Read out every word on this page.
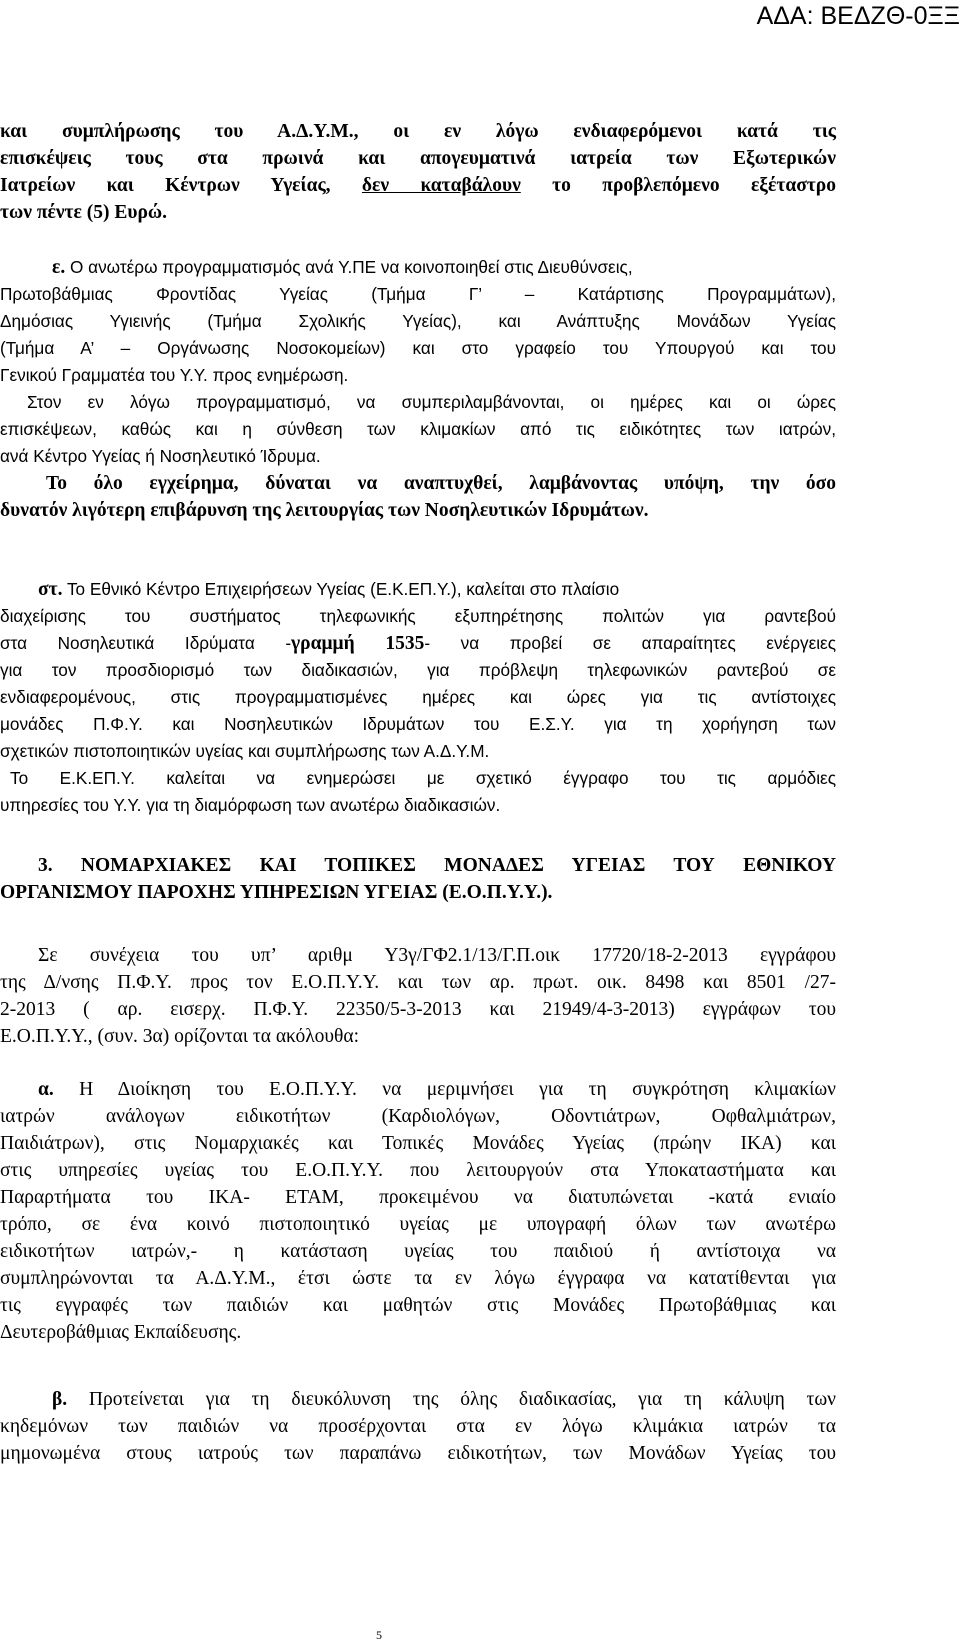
ΑΔΑ: ΒΕΔΖΘ-0ΞΞ
και συμπλήρωσης του Α.Δ.Υ.Μ., οι εν λόγω ενδιαφερόμενοι κατά τις
επισκέψεις τους στα πρωινά και απογευματινά ιατρεία των Εξωτερικών
Ιατρείων και Κέντρων Υγείας, δεν καταβάλουν το προβλεπόμενο εξέταστρο
των πέντε (5) Ευρώ.
ε. Ο ανωτέρω προγραμματισμός ανά Υ.ΠΕ να κοινοποιηθεί στις Διευθύνσεις,
Πρωτοβάθμιας Φροντίδας Υγείας (Τμήμα Γ’ – Κατάρτισης Προγραμμάτων),
Δημόσιας Υγιεινής (Τμήμα Σχολικής Υγείας), και Ανάπτυξης Μονάδων Υγείας
(Τμήμα Α’ – Οργάνωσης Νοσοκομείων) και στο γραφείο του Υπουργού και του
Γενικού Γραμματέα του Υ.Υ. προς ενημέρωση.
Στον εν λόγω προγραμματισμό, να συμπεριλαμβάνονται, οι ημέρες και οι ώρες
επισκέψεων, καθώς και η σύνθεση των κλιμακίων από τις ειδικότητες των ιατρών,
ανά Κέντρο Υγείας ή Νοσηλευτικό Ίδρυμα.
Το όλο εγχείρημα, δύναται να αναπτυχθεί, λαμβάνοντας υπόψη, την όσο
δυνατόν λιγότερη επιβάρυνση της λειτουργίας των Νοσηλευτικών Ιδρυμάτων.
στ. Το Εθνικό Κέντρο Επιχειρήσεων Υγείας (Ε.Κ.ΕΠ.Υ.), καλείται στο πλαίσιο
διαχείρισης του συστήματος τηλεφωνικής εξυπηρέτησης πολιτών για ραντεβού
στα Νοσηλευτικά Ιδρύματα -γραμμή 1535- να προβεί σε απαραίτητες ενέργειες
για τον προσδιορισμό των διαδικασιών, για πρόβλεψη τηλεφωνικών ραντεβού σε
ενδιαφερομένους, στις προγραμματισμένες ημέρες και ώρες για τις αντίστοιχες
μονάδες Π.Φ.Υ. και Νοσηλευτικών Ιδρυμάτων του Ε.Σ.Υ. για τη χορήγηση των
σχετικών πιστοποιητικών υγείας και συμπλήρωσης των Α.Δ.Υ.Μ.
Το Ε.Κ.ΕΠ.Υ. καλείται να ενημερώσει με σχετικό έγγραφο του τις αρμόδιες
υπηρεσίες του Υ.Υ. για τη διαμόρφωση των ανωτέρω διαδικασιών.
3. ΝΟΜΑΡΧΙΑΚΕΣ ΚΑΙ ΤΟΠΙΚΕΣ ΜΟΝΑΔΕΣ ΥΓΕΙΑΣ ΤΟΥ ΕΘΝΙΚΟΥ
ΟΡΓΑΝΙΣΜΟΥ ΠΑΡΟΧΗΣ ΥΠΗΡΕΣΙΩΝ ΥΓΕΙΑΣ (Ε.Ο.Π.Υ.Υ.).
Σε συνέχεια του υπ’ αριθμ Υ3γ/ΓΦ2.1/13/Γ.Π.οικ 17720/18-2-2013 εγγράφου
της Δ/νσης Π.Φ.Υ. προς τον Ε.Ο.Π.Υ.Υ. και των αρ. πρωτ. οικ. 8498 και 8501 /27-
2-2013 ( αρ. εισερχ. Π.Φ.Υ. 22350/5-3-2013 και 21949/4-3-2013) εγγράφων του
Ε.Ο.Π.Υ.Υ., (συν. 3α) ορίζονται τα ακόλουθα:
α. Η Διοίκηση του Ε.Ο.Π.Υ.Υ. να μεριμνήσει για τη συγκρότηση κλιμακίων
ιατρών ανάλογων ειδικοτήτων (Καρδιολόγων, Οδοντιάτρων, Οφθαλμιάτρων,
Παιδιάτρων), στις Νομαρχιακές και Τοπικές Μονάδες Υγείας (πρώην ΙΚΑ) και
στις υπηρεσίες υγείας του Ε.Ο.Π.Υ.Υ. που λειτουργούν στα Υποκαταστήματα και
Παραρτήματα του ΙΚΑ- ΕΤΑΜ, προκειμένου να διατυπώνεται -κατά ενιαίο
τρόπο, σε ένα κοινό πιστοποιητικό υγείας με υπογραφή όλων των ανωτέρω
ειδικοτήτων ιατρών,- η κατάσταση υγείας του παιδιού ή αντίστοιχα να
συμπληρώνονται τα Α.Δ.Υ.Μ., έτσι ώστε τα εν λόγω έγγραφα να κατατίθενται για
τις εγγραφές των παιδιών και μαθητών στις Μονάδες Πρωτοβάθμιας και
Δευτεροβάθμιας Εκπαίδευσης.
β. Προτείνεται για τη διευκόλυνση της όλης διαδικασίας, για τη κάλυψη των
κηδεμόνων των παιδιών να προσέρχονται στα εν λόγω κλιμάκια ιατρών τα
μημονωμένα στους ιατρούς των παραπάνω ειδικοτήτων, των Μονάδων Υγείας του
5
